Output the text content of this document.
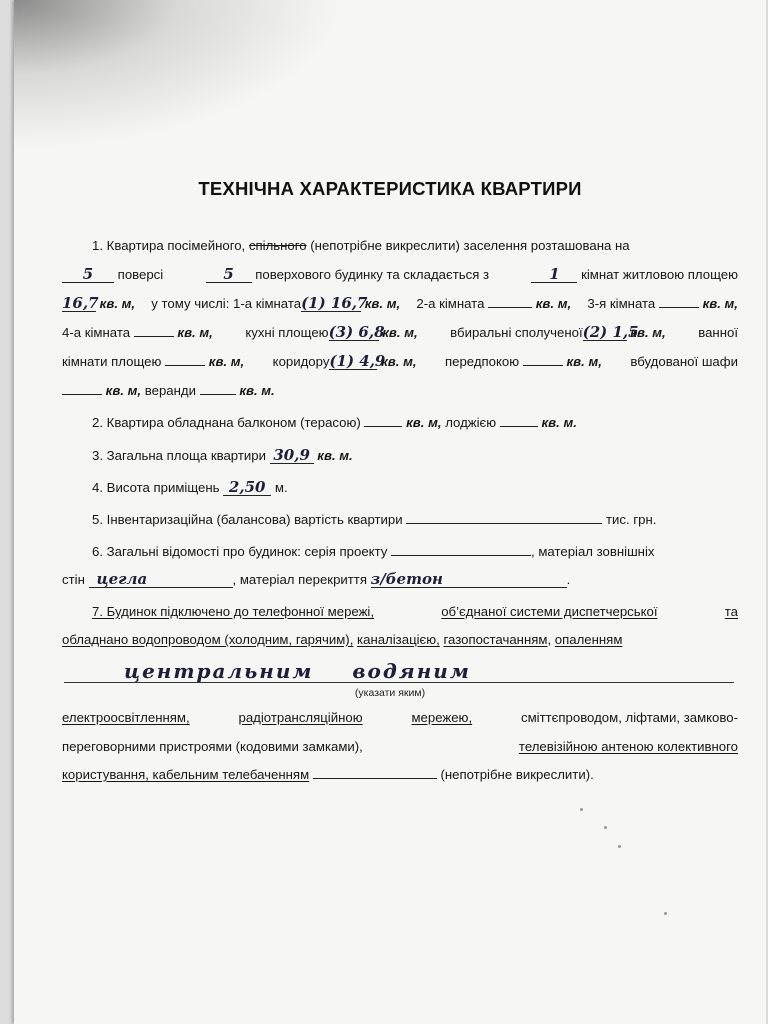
ТЕХНІЧНА ХАРАКТЕРИСТИКА КВАРТИРИ
1. Квартира посімейного, спільного (непотрібне викреслити) заселення розташована на
5 поверсі	5 поверхового будинку та складається з	1 кімнат житловою площею
16,7 кв. м, у тому числі: 1-а кімната(1) 16,7 кв. м, 2-а кімната	кв. м, 3-я кімната	кв. м,
4-а кімната	кв. м, кухні площею(3) 6,8 кв. м, вбиральні сполученої(2) 1,5 кв. м, ванної
кімнати площею	кв. м, коридору(1) 4,9 кв. м, передпокою	кв. м, вбудованої шафи
кв. м, веранди	кв. м.
2. Квартира обладнана балконом (терасою)	кв. м, лоджією	кв. м.
3. Загальна площа квартири 30,9 кв. м.
4. Висота приміщень 2,50 м.
5. Інвентаризаційна (балансова) вартість квартири	тис. грн.
6. Загальні відомості про будинок: серія проекту	, матеріал зовнішніх
стін цегла	, матеріал перекриття з/бетон	.
7. Будинок підключено до телефонної мережі,	об’єднаної системи диспетчерської	та
обладнано водопроводом (холодним, гарячим), каналізацією, газопостачанням, опаленням
центральним водяним
(указати яким)
електроосвітленням,	радіотрансляційною	мережею,	сміттєпроводом, ліфтами, замково-
переговорними пристроями (кодовими замками),	телевізійною антеною колективного
користування, кабельним телебаченням	(непотрібне викреслити).
